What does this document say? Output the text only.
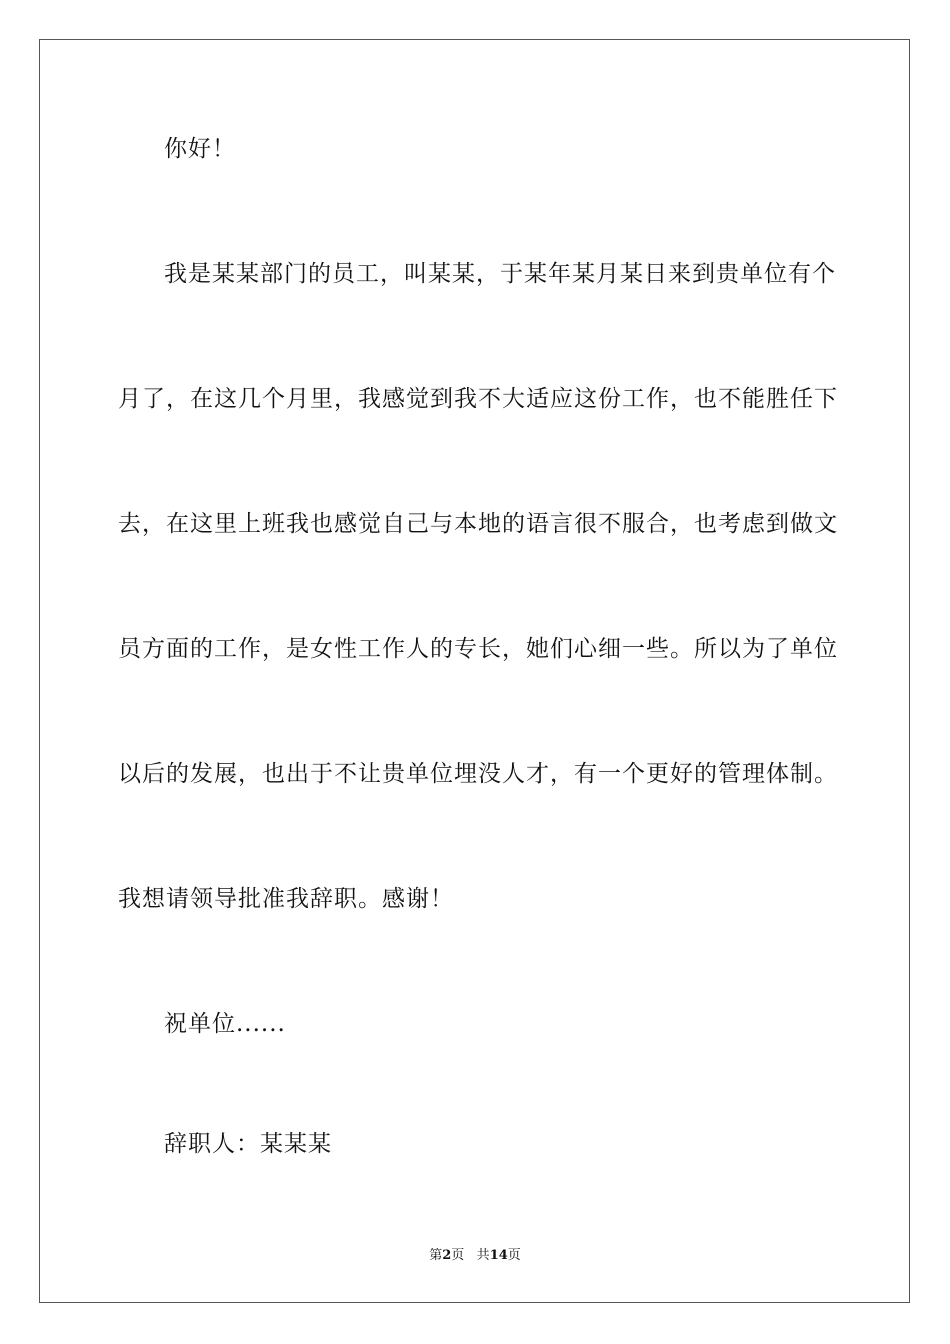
你好！
我是某某部门的员工，叫某某，于某年某月某日来到贵单位有个
月了，在这几个月里，我感觉到我不大适应这份工作，也不能胜任下
去，在这里上班我也感觉自己与本地的语言很不服合，也考虑到做文
员方面的工作，是女性工作人的专长，她们心细一些。所以为了单位
以后的发展，也出于不让贵单位埋没人才，有一个更好的管理体制。
我想请领导批准我辞职。感谢！
祝单位......
辞职人：某某某
第2页 共14页
